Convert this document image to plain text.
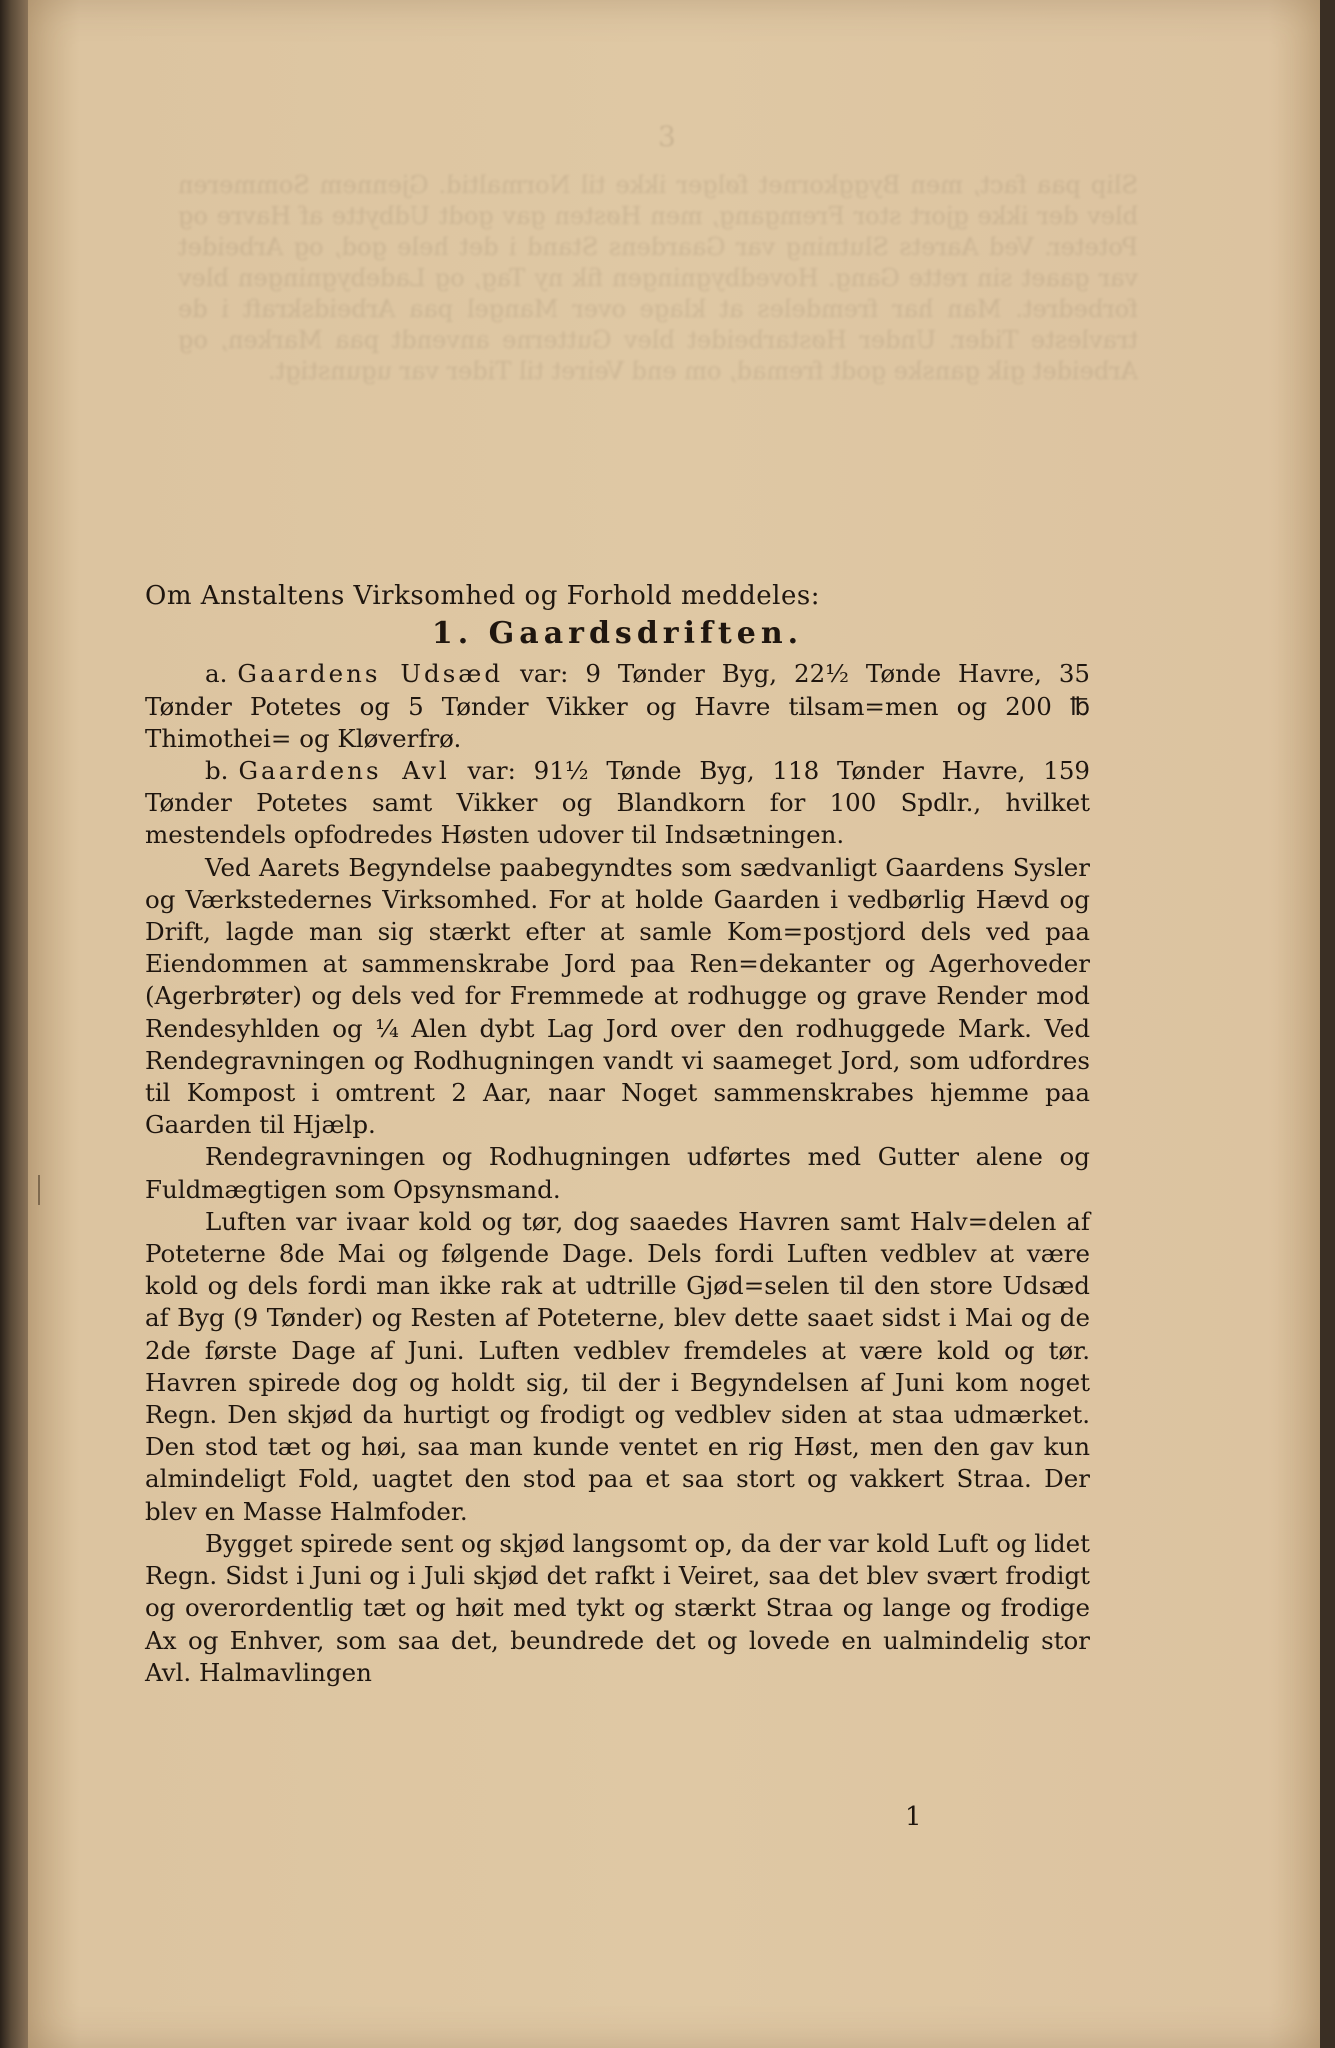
3
Slip paa fact, men Byggkornet følger ikke til Normaltid. Gjennem Sommeren blev der ikke gjort stor Fremgang, men Høsten gav godt Udbytte af Havre og Poteter. Ved Aarets Slutning var Gaardens Stand i det hele god, og Arbeidet var gaaet sin rette Gang. Hovedbygningen fik ny Tag, og Ladebygningen blev forbedret. Man har fremdeles at klage over Mangel paa Arbeidskraft i de travleste Tider. Under Høstarbeidet blev Gutterne anvendt paa Marken, og Arbeidet gik ganske godt fremad, om end Veiret til Tider var ugunstigt.

Om Anstaltens Virksomhed og Forhold meddeles:

1. Gaardsdriften.

a. Gaardens Udsæd var: 9 Tønder Byg, 22½ Tønde Havre, 35 Tønder Potetes og 5 Tønder Vikker og Havre tilsam=men og 200 ℔ Thimothei= og Kløverfrø.

b. Gaardens Avl var: 91½ Tønde Byg, 118 Tønder Havre, 159 Tønder Potetes samt Vikker og Blandkorn for 100 Spdlr., hvilket mestendels opfodredes Høsten udover til Indsætningen.

Ved Aarets Begyndelse paabegyndtes som sædvanligt Gaardens Sysler og Værkstedernes Virksomhed. For at holde Gaarden i vedbørlig Hævd og Drift, lagde man sig stærkt efter at samle Kom=postjord dels ved paa Eiendommen at sammenskrabe Jord paa Ren=dekanter og Agerhoveder (Agerbrøter) og dels ved for Fremmede at rodhugge og grave Render mod Rendesyhlden og ¼ Alen dybt Lag Jord over den rodhuggede Mark. Ved Rendegravningen og Rodhugningen vandt vi saameget Jord, som udfordres til Kompost i omtrent 2 Aar, naar Noget sammenskrabes hjemme paa Gaarden til Hjælp.

Rendegravningen og Rodhugningen udførtes med Gutter alene og Fuldmægtigen som Opsynsmand.

Luften var ivaar kold og tør, dog saaedes Havren samt Halv=delen af Poteterne 8de Mai og følgende Dage. Dels fordi Luften vedblev at være kold og dels fordi man ikke rak at udtrille Gjød=selen til den store Udsæd af Byg (9 Tønder) og Resten af Poteterne, blev dette saaet sidst i Mai og de 2de første Dage af Juni. Luften vedblev fremdeles at være kold og tør. Havren spirede dog og holdt sig, til der i Begyndelsen af Juni kom noget Regn. Den skjød da hurtigt og frodigt og vedblev siden at staa udmærket. Den stod tæt og høi, saa man kunde ventet en rig Høst, men den gav kun almindeligt Fold, uagtet den stod paa et saa stort og vakkert Straa. Der blev en Masse Halmfoder.

Bygget spirede sent og skjød langsomt op, da der var kold Luft og lidet Regn. Sidst i Juni og i Juli skjød det rafkt i Veiret, saa det blev svært frodigt og overordentlig tæt og høit med tykt og stærkt Straa og lange og frodige Ax og Enhver, som saa det, beundrede det og lovede en ualmindelig stor Avl. Halmavlingen

1
